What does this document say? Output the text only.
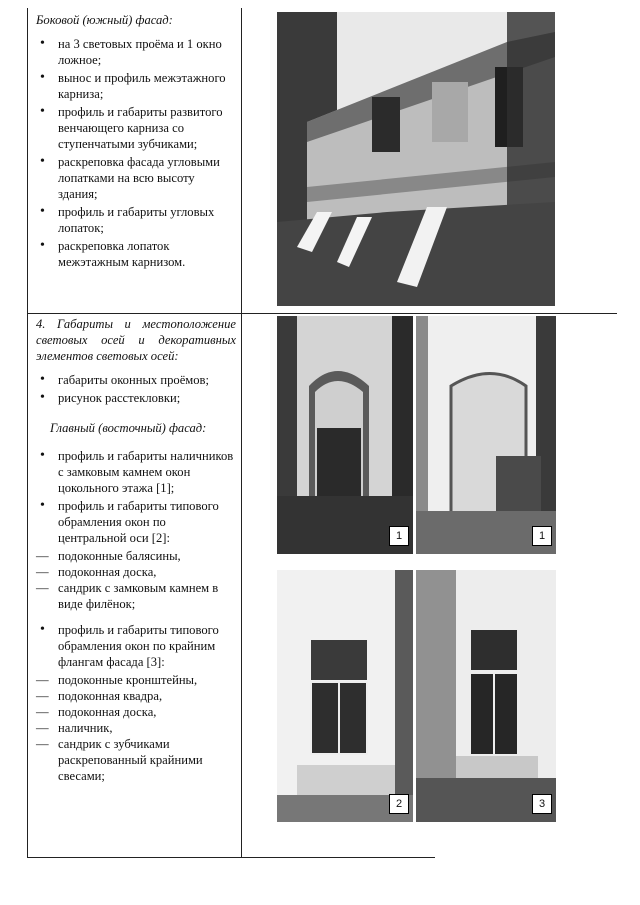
Боковой (южный) фасад:

• на 3 световых проёма и 1 окно ложное;
• вынос и профиль межэтажного карниза;
• профиль и габариты развитого венчающего карниза со ступенчатыми зубчиками;
• раскреповка фасада угловыми лопатками на всю высоту здания;
• профиль и габариты угловых лопаток;
• раскреповка лопаток межэтажным карнизом.

4. Габариты и местоположение световых осей и декоративных элементов световых осей:

• габариты оконных проёмов;
• рисунок расстекловки;

Главный (восточный) фасад:

• профиль и габариты наличников с замковым камнем окон цокольного этажа [1];
• профиль и габариты типового обрамления окон по центральной оси [2]:
— подоконные балясины,
— подоконная доска,
— сандрик с замковым камнем в виде филёнок;
• профиль и габариты типового обрамления окон по крайним флангам фасада [3]:
— подоконные кронштейны,
— подоконная квадра,
— подоконная доска,
— наличник,
— сандрик с зубчиками раскрепованный крайними свесами;
1	1
2	3
